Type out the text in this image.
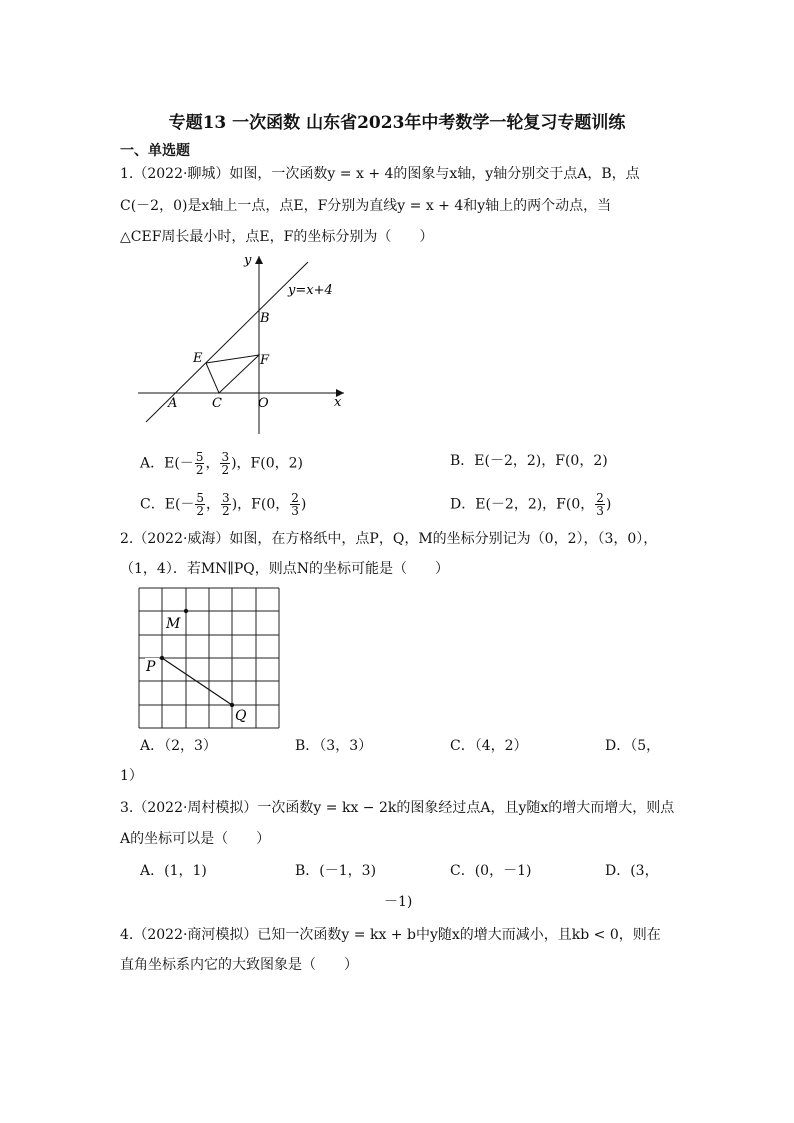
专题13 一次函数 山东省2023年中考数学一轮复习专题训练
一、单选题
1.（2022·聊城）如图，一次函数y = x + 4的图象与x轴，y轴分别交于点A，B，点
C(－2，0)是x轴上一点，点E，F分别为直线y = x + 4和y轴上的两个动点，当
△CEF周长最小时，点E，F的坐标分别为（　　）
y
x
y=x+4
B
E	F
A	C	O
A．$E(- \frac{5}{2}$ ， $\frac{3}{2}$ )，F(0，2)	B．E(－2，2)，F(0，2)
C．$E(- \frac{5}{2}$ ， $\frac{3}{2}$ )，F(0， $\frac{2}{3}$ )	D．E(－2，2)，F(0， $\frac{2}{3}$ )
2.（2022·威海）如图，在方格纸中，点P，Q，M的坐标分别记为（0，2），（3，0），
（1，4）．若MN∥PQ，则点N的坐标可能是（　　）
M
P
Q
A．（2，3）	B．（3，3）	C．（4，2）	D．（5，
1）
3.（2022·周村模拟）一次函数y = kx − 2k的图象经过点A，且y随x的增大而增大，则点
A的坐标可以是（　　）
A．(1，1)	B．(－1，3)	C．(0，－1)	D．(3，
－1)
4.（2022·商河模拟）已知一次函数y = kx + b中y随x的增大而减小，且kb < 0，则在
直角坐标系内它的大致图象是（　　）
